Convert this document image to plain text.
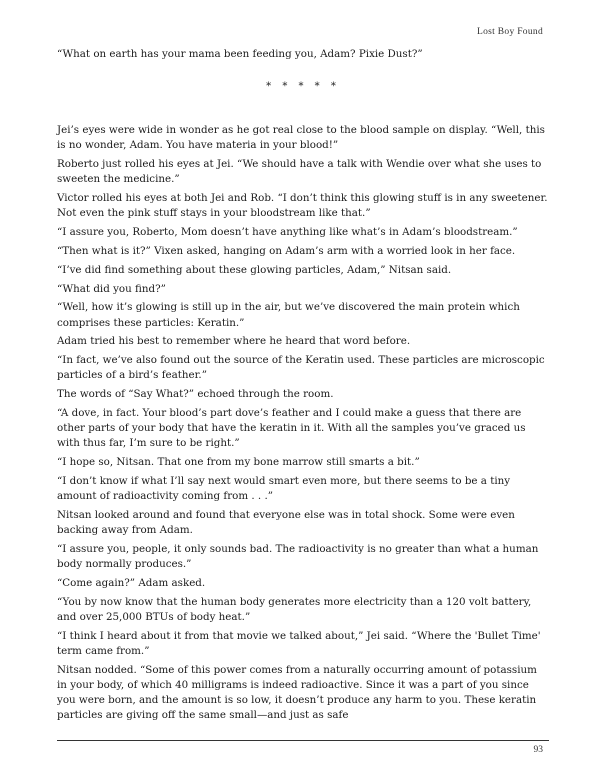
Lost Boy Found

“What on earth has your mama been feeding you, Adam? Pixie Dust?”

* * * * *

Jei’s eyes were wide in wonder as he got real close to the blood sample on display. “Well, this is no wonder, Adam. You have materia in your blood!”

Roberto just rolled his eyes at Jei. “We should have a talk with Wendie over what she uses to sweeten the medicine.”

Victor rolled his eyes at both Jei and Rob. “I don’t think this glowing stuff is in any sweetener. Not even the pink stuff stays in your bloodstream like that.”

“I assure you, Roberto, Mom doesn’t have anything like what’s in Adam’s bloodstream.”

“Then what is it?” Vixen asked, hanging on Adam’s arm with a worried look in her face.

“I’ve did find something about these glowing particles, Adam,” Nitsan said.

“What did you find?”

“Well, how it’s glowing is still up in the air, but we’ve discovered the main protein which comprises these particles: Keratin.”

Adam tried his best to remember where he heard that word before.

“In fact, we’ve also found out the source of the Keratin used. These particles are microscopic particles of a bird’s feather.”

The words of “Say What?” echoed through the room.

“A dove, in fact. Your blood’s part dove’s feather and I could make a guess that there are other parts of your body that have the keratin in it. With all the samples you’ve graced us with thus far, I’m sure to be right.”

“I hope so, Nitsan. That one from my bone marrow still smarts a bit.”

“I don’t know if what I’ll say next would smart even more, but there seems to be a tiny amount of radioactivity coming from . . .”

Nitsan looked around and found that everyone else was in total shock. Some were even backing away from Adam.

“I assure you, people, it only sounds bad. The radioactivity is no greater than what a human body normally produces.”

“Come again?” Adam asked.

“You by now know that the human body generates more electricity than a 120 volt battery, and over 25,000 BTUs of body heat.”

“I think I heard about it from that movie we talked about,” Jei said. “Where the 'Bullet Time' term came from.”

Nitsan nodded. “Some of this power comes from a naturally occurring amount of potassium in your body, of which 40 milligrams is indeed radioactive. Since it was a part of you since you were born, and the amount is so low, it doesn’t produce any harm to you. These keratin particles are giving off the same small—and just as safe

93
